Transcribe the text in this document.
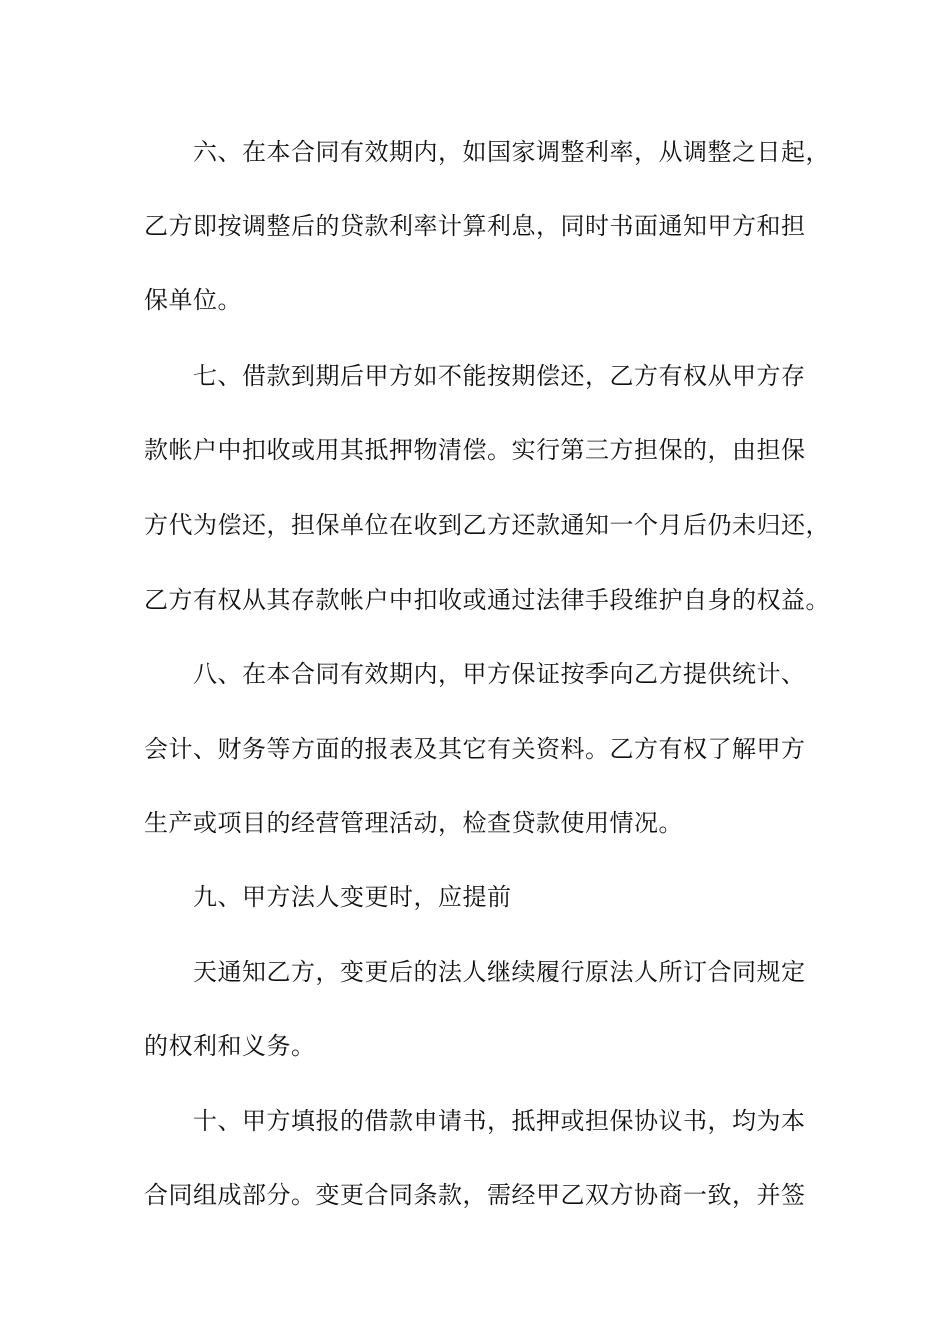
六、在本合同有效期内，如国家调整利率，从调整之日起，
乙方即按调整后的贷款利率计算利息，同时书面通知甲方和担
保单位。
七、借款到期后甲方如不能按期偿还，乙方有权从甲方存
款帐户中扣收或用其抵押物清偿。实行第三方担保的，由担保
方代为偿还，担保单位在收到乙方还款通知一个月后仍未归还，
乙方有权从其存款帐户中扣收或通过法律手段维护自身的权益。
八、在本合同有效期内，甲方保证按季向乙方提供统计、
会计、财务等方面的报表及其它有关资料。乙方有权了解甲方
生产或项目的经营管理活动，检查贷款使用情况。
九、甲方法人变更时，应提前
天通知乙方，变更后的法人继续履行原法人所订合同规定
的权利和义务。
十、甲方填报的借款申请书，抵押或担保协议书，均为本
合同组成部分。变更合同条款，需经甲乙双方协商一致，并签
